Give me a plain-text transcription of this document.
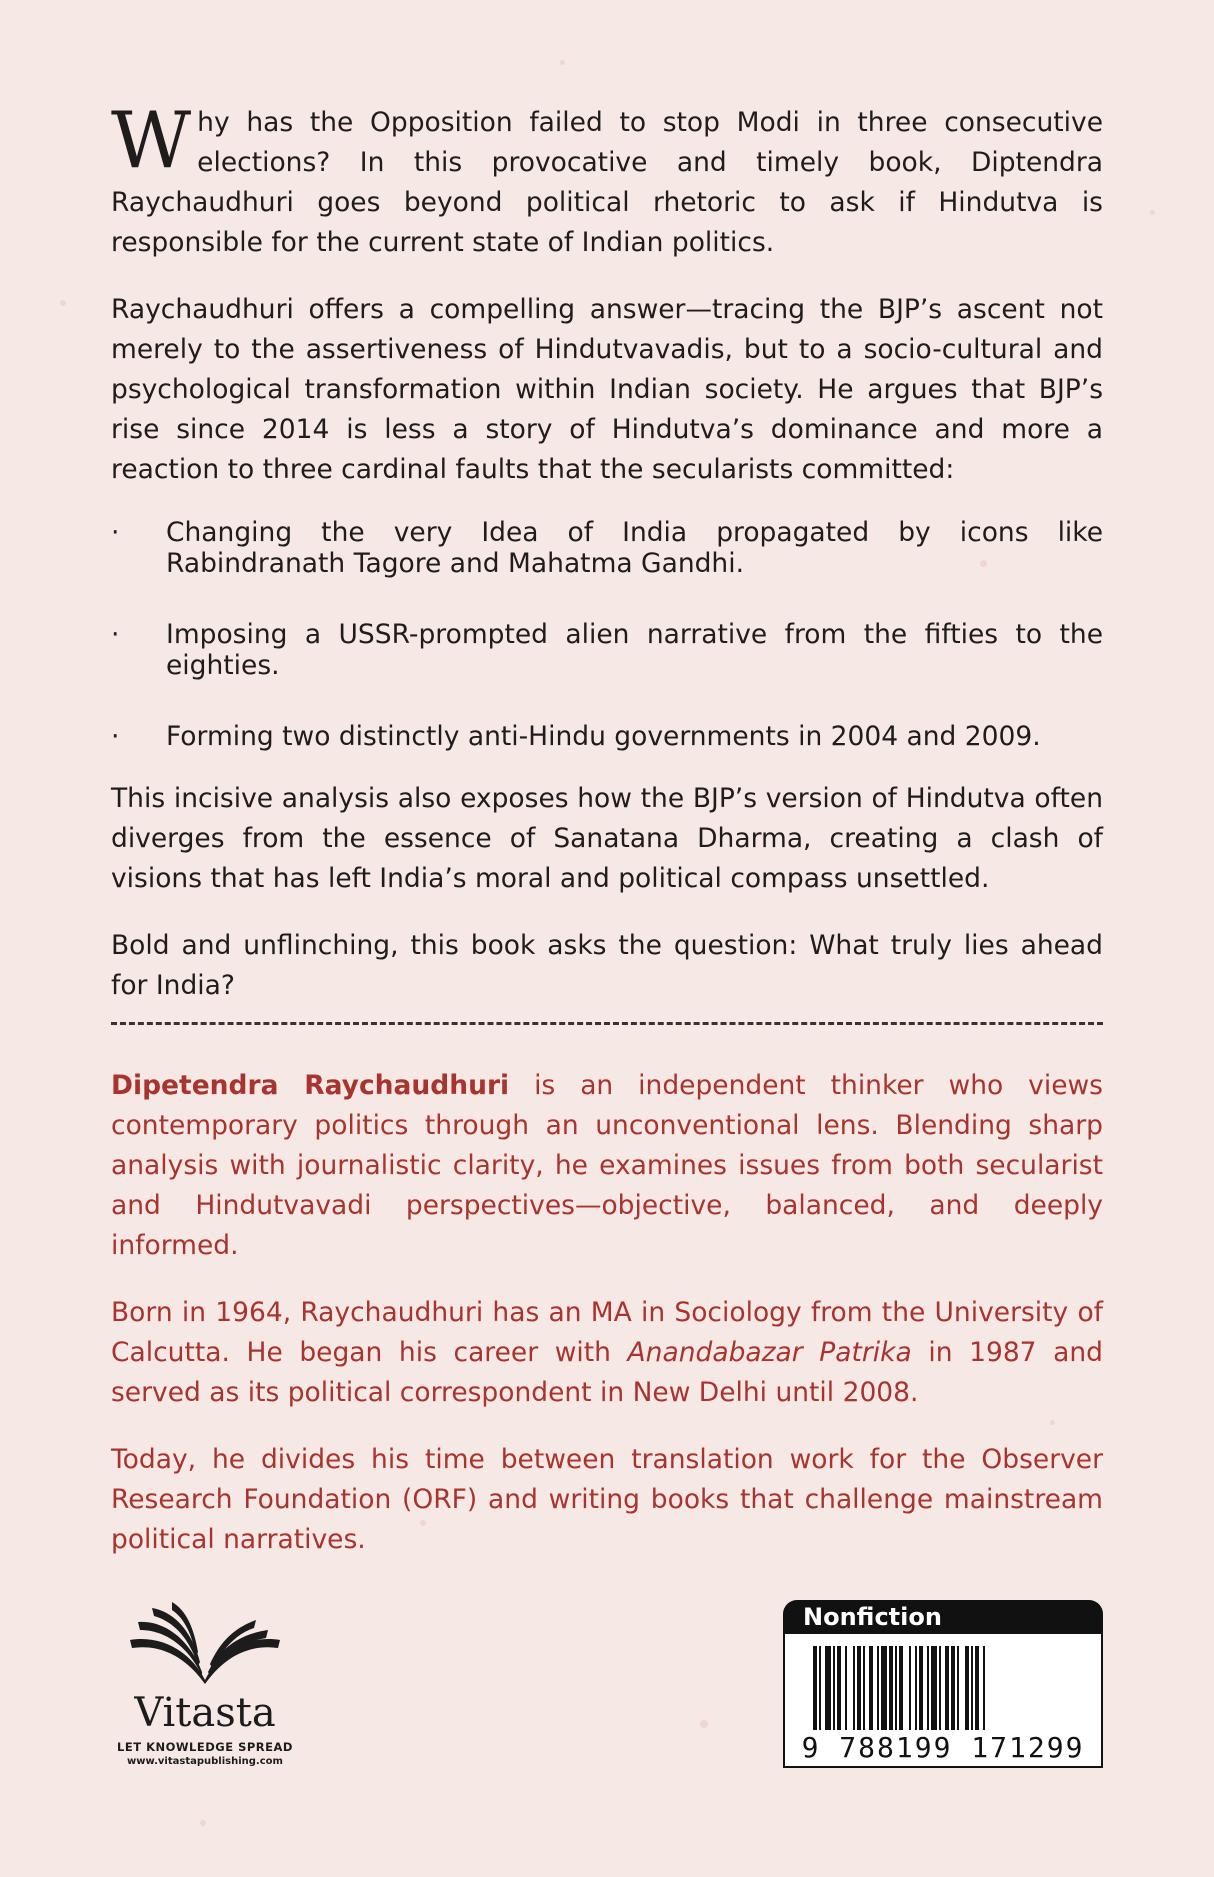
Why has the Opposition failed to stop Modi in three consecutive elections? In this provocative and timely book, Diptendra Raychaudhuri goes beyond political rhetoric to ask if Hindutva is responsible for the current state of Indian politics.

Raychaudhuri offers a compelling answer—tracing the BJP’s ascent not merely to the assertiveness of Hindutvavadis, but to a socio-cultural and psychological transformation within Indian society. He argues that BJP’s rise since 2014 is less a story of Hindutva’s dominance and more a reaction to three cardinal faults that the secularists committed:

· Changing the very Idea of India propagated by icons like Rabindranath Tagore and Mahatma Gandhi.
· Imposing a USSR-prompted alien narrative from the fifties to the eighties.
· Forming two distinctly anti-Hindu governments in 2004 and 2009.

This incisive analysis also exposes how the BJP’s version of Hindutva often diverges from the essence of Sanatana Dharma, creating a clash of visions that has left India’s moral and political compass unsettled.

Bold and unflinching, this book asks the question: What truly lies ahead for India?

Dipetendra Raychaudhuri is an independent thinker who views contemporary politics through an unconventional lens. Blending sharp analysis with journalistic clarity, he examines issues from both secularist and Hindutvavadi perspectives—objective, balanced, and deeply informed.

Born in 1964, Raychaudhuri has an MA in Sociology from the University of Calcutta. He began his career with Anandabazar Patrika in 1987 and served as its political correspondent in New Delhi until 2008.

Today, he divides his time between translation work for the Observer Research Foundation (ORF) and writing books that challenge mainstream political narratives.

Vitasta
LET KNOWLEDGE SPREAD
www.vitastapublishing.com
Nonfiction
9 788199 171299
